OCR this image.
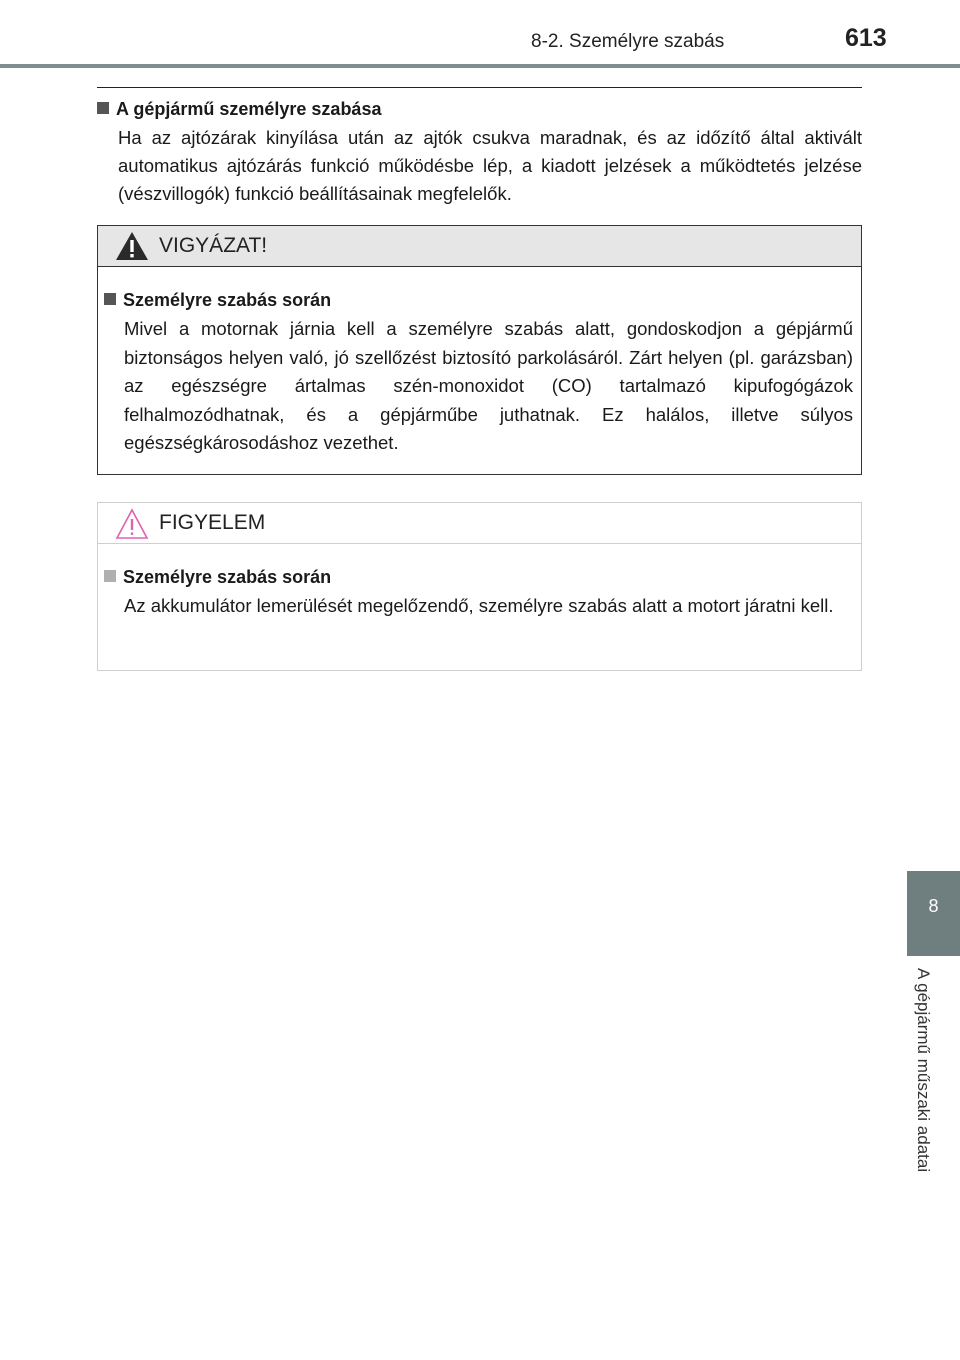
8-2. Személyre szabás	613
A gépjármű személyre szabása
Ha az ajtózárak kinyílása után az ajtók csukva maradnak, és az időzítő által aktivált automatikus ajtózárás funkció működésbe lép, a kiadott jelzések a működtetés jelzése (vészvillogók) funkció beállításainak megfelelők.
VIGYÁZAT!
Személyre szabás során
Mivel a motornak járnia kell a személyre szabás alatt, gondoskodjon a gépjármű biztonságos helyen való, jó szellőzést biztosító parkolásáról. Zárt helyen (pl. garázsban) az egészségre ártalmas szén-monoxidot (CO) tartalmazó kipufogógázok felhalmozódhatnak, és a gépjárműbe juthatnak. Ez halálos, illetve súlyos egészségkárosodáshoz vezethet.
FIGYELEM
Személyre szabás során
Az akkumulátor lemerülését megelőzendő, személyre szabás alatt a motort járatni kell.
8
A gépjármű műszaki adatai
